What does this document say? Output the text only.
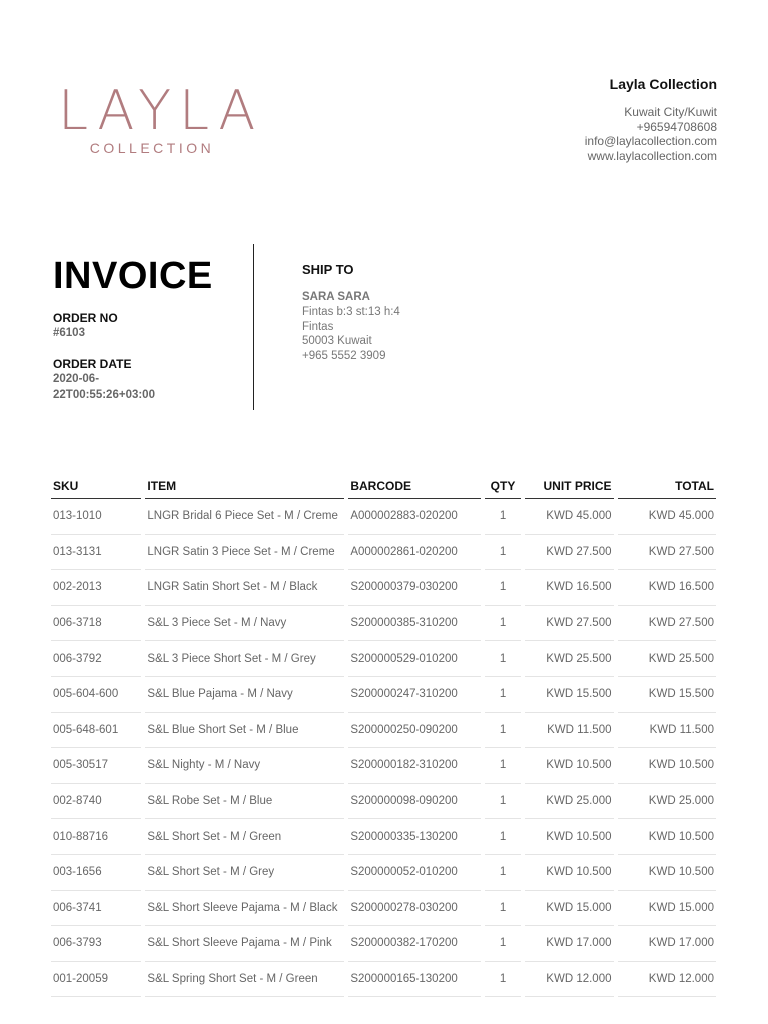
LAYLA
COLLECTION
Layla Collection
Kuwait City/Kuwit
+96594708608
info@laylacollection.com
www.laylacollection.com
INVOICE
ORDER NO
#6103
ORDER DATE
2020-06-
22T00:55:26+03:00
SHIP TO
SARA SARA
Fintas b:3 st:13 h:4
Fintas
50003 Kuwait
+965 5552 3909
SKU	ITEM	BARCODE	QTY	UNIT PRICE	TOTAL
013-1010	LNGR Bridal 6 Piece Set - M / Creme	A000002883-020200	1	KWD 45.000	KWD 45.000
013-3131	LNGR Satin 3 Piece Set - M / Creme	A000002861-020200	1	KWD 27.500	KWD 27.500
002-2013	LNGR Satin Short Set - M / Black	S200000379-030200	1	KWD 16.500	KWD 16.500
006-3718	S&L 3 Piece Set - M / Navy	S200000385-310200	1	KWD 27.500	KWD 27.500
006-3792	S&L 3 Piece Short Set - M / Grey	S200000529-010200	1	KWD 25.500	KWD 25.500
005-604-600	S&L Blue Pajama - M / Navy	S200000247-310200	1	KWD 15.500	KWD 15.500
005-648-601	S&L Blue Short Set - M / Blue	S200000250-090200	1	KWD 11.500	KWD 11.500
005-30517	S&L Nighty - M / Navy	S200000182-310200	1	KWD 10.500	KWD 10.500
002-8740	S&L Robe Set - M / Blue	S200000098-090200	1	KWD 25.000	KWD 25.000
010-88716	S&L Short Set - M / Green	S200000335-130200	1	KWD 10.500	KWD 10.500
003-1656	S&L Short Set - M / Grey	S200000052-010200	1	KWD 10.500	KWD 10.500
006-3741	S&L Short Sleeve Pajama - M / Black	S200000278-030200	1	KWD 15.000	KWD 15.000
006-3793	S&L Short Sleeve Pajama - M / Pink	S200000382-170200	1	KWD 17.000	KWD 17.000
001-20059	S&L Spring Short Set - M / Green	S200000165-130200	1	KWD 12.000	KWD 12.000
